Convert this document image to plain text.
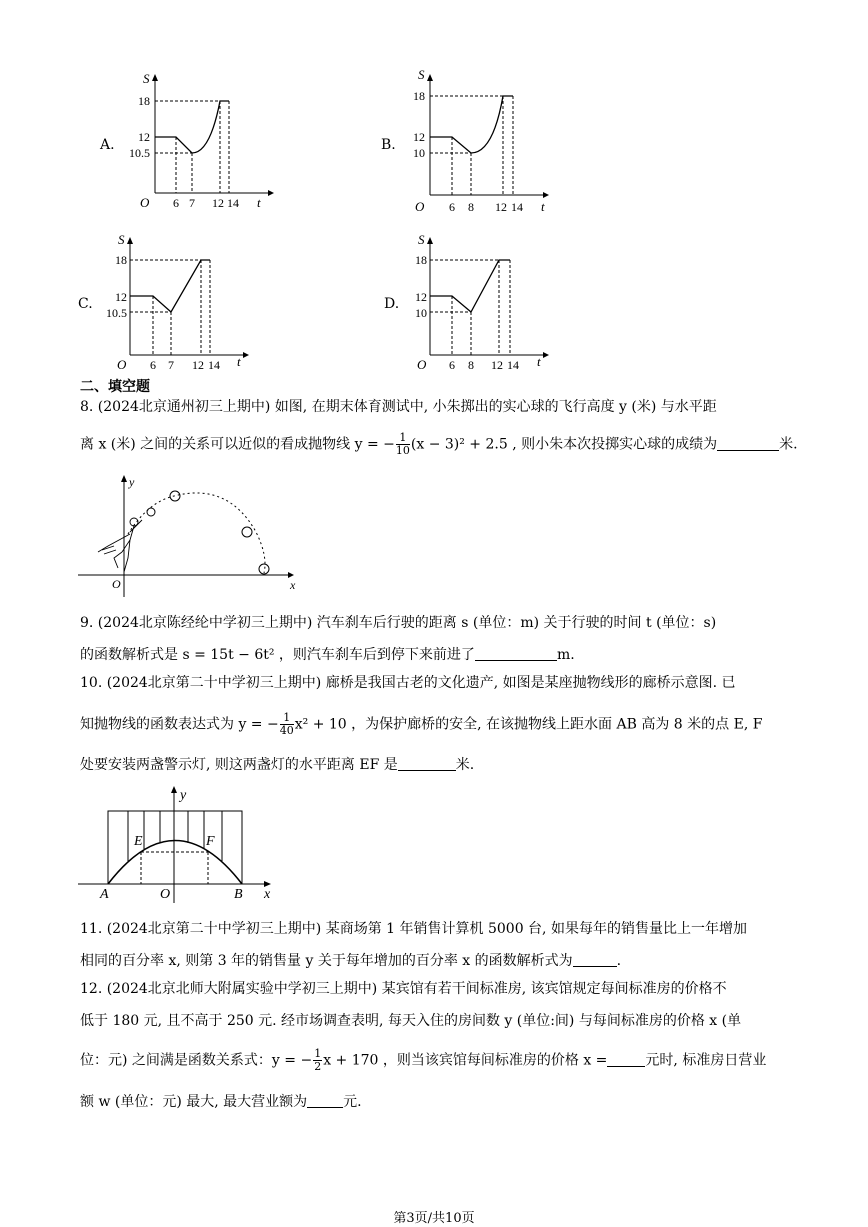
A.	B.
C.	D.
S
t
O
18
12
10.5
6 7 12 14
S
t
O
18
12
10
6 8 12 14
S
t
O
18
12
10.5
6 7 12 14
S
t
O
18
12
10
6 8 12 14
二、填空题
8. (2024北京通州初三上期中) 如图, 在期末体育测试中, 小朱掷出的实心球的飞行高度 y (米) 与水平距
离 x (米) 之间的关系可以近似的看成抛物线 y = − $\frac{1}{10} (x - 3)^2 + 2.5$ , 则小朱本次投掷实心球的成绩为	米.
y
x
O
9. (2024北京陈经纶中学初三上期中) 汽车刹车后行驶的距离 s (单位：m) 关于行驶的时间 t (单位：s)
的函数解析式是 s = 15t − 6t² ，则汽车刹车后到停下来前进了	m.
10. (2024北京第二十中学初三上期中) 廊桥是我国古老的文化遗产, 如图是某座抛物线形的廊桥示意图. 已
知抛物线的函数表达式为 y = − $\frac{1}{40} x^2 + 10$ ，为保护廊桥的安全, 在该抛物线上距水面 AB 高为 8 米的点 E, F
处要安装两盏警示灯, 则这两盏灯的水平距离 EF 是	米.
y
x
O
A	B
E	F
11. (2024北京第二十中学初三上期中) 某商场第 1 年销售计算机 5000 台, 如果每年的销售量比上一年增加
相同的百分率 x, 则第 3 年的销售量 y 关于每年增加的百分率 x 的函数解析式为	.
12. (2024北京北师大附属实验中学初三上期中) 某宾馆有若干间标准房, 该宾馆规定每间标准房的价格不
低于 180 元, 且不高于 250 元. 经市场调查表明, 每天入住的房间数 y (单位:间) 与每间标准房的价格 x (单
位：元) 之间满是函数关系式：y = − $\frac{1}{2}$ x + 170 ，则当该宾馆每间标准房的价格 x =	元时, 标准房日营业
额 w (单位：元) 最大, 最大营业额为	元.
第3页/共10页
